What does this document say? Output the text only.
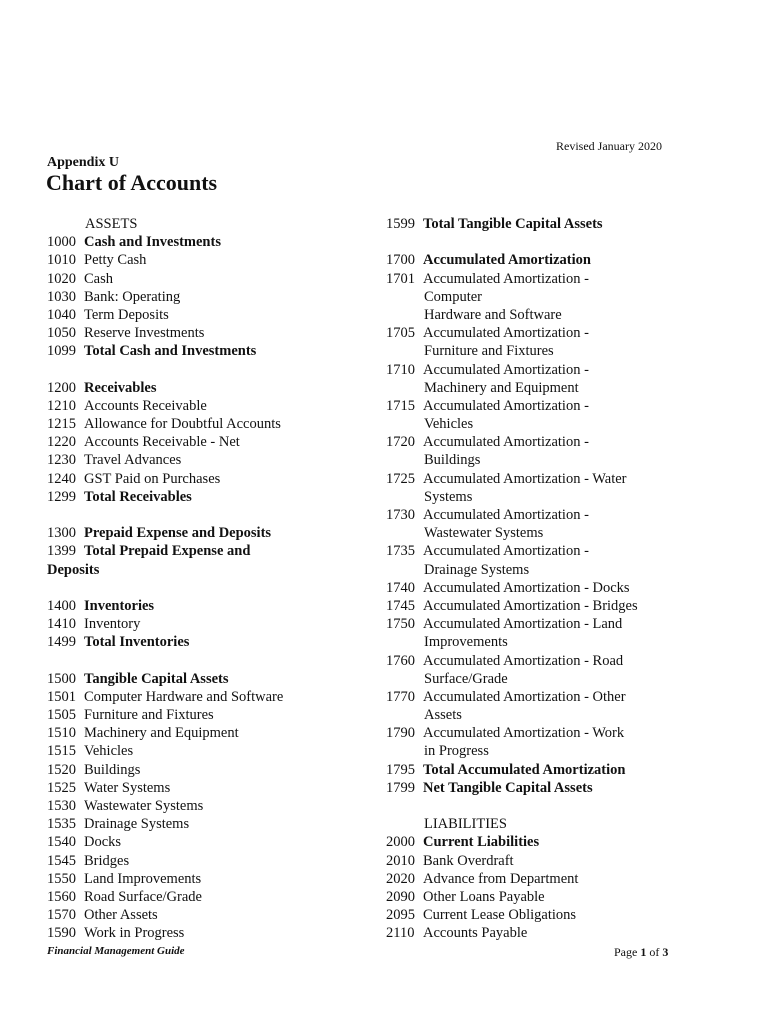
Revised January 2020
Appendix U
Chart of Accounts
ASSETS
1000 Cash and Investments
1010 Petty Cash
1020 Cash
1030 Bank: Operating
1040 Term Deposits
1050 Reserve Investments
1099 Total Cash and Investments
1200 Receivables
1210 Accounts Receivable
1215 Allowance for Doubtful Accounts
1220 Accounts Receivable - Net
1230 Travel Advances
1240 GST Paid on Purchases
1299 Total Receivables
1300 Prepaid Expense and Deposits
1399 Total Prepaid Expense and
Deposits
1400 Inventories
1410 Inventory
1499 Total Inventories
1500 Tangible Capital Assets
1501 Computer Hardware and Software
1505 Furniture and Fixtures
1510 Machinery and Equipment
1515 Vehicles
1520 Buildings
1525 Water Systems
1530 Wastewater Systems
1535 Drainage Systems
1540 Docks
1545 Bridges
1550 Land Improvements
1560 Road Surface/Grade
1570 Other Assets
1590 Work in Progress
1599 Total Tangible Capital Assets
1700 Accumulated Amortization
1701 Accumulated Amortization -
Computer
Hardware and Software
1705 Accumulated Amortization -
Furniture and Fixtures
1710 Accumulated Amortization -
Machinery and Equipment
1715 Accumulated Amortization -
Vehicles
1720 Accumulated Amortization -
Buildings
1725 Accumulated Amortization - Water
Systems
1730 Accumulated Amortization -
Wastewater Systems
1735 Accumulated Amortization -
Drainage Systems
1740 Accumulated Amortization - Docks
1745 Accumulated Amortization - Bridges
1750 Accumulated Amortization - Land
Improvements
1760 Accumulated Amortization - Road
Surface/Grade
1770 Accumulated Amortization - Other
Assets
1790 Accumulated Amortization - Work
in Progress
1795 Total Accumulated Amortization
1799 Net Tangible Capital Assets
LIABILITIES
2000 Current Liabilities
2010 Bank Overdraft
2020 Advance from Department
2090 Other Loans Payable
2095 Current Lease Obligations
2110 Accounts Payable
Financial Management Guide	Page 1 of 3
